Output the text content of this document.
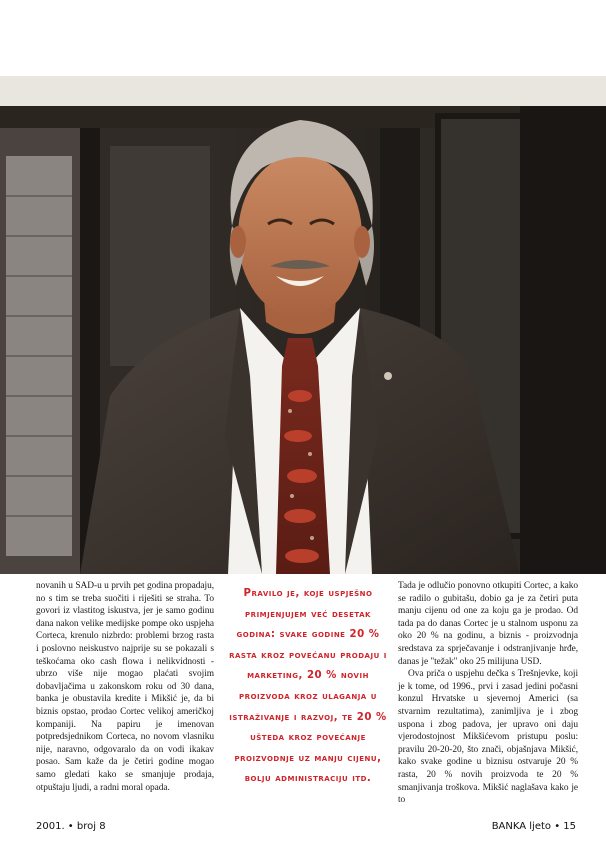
novanih u SAD-u u prvih pet godina propadaju, no s tim se treba suočiti i riješiti se straha. To govori iz vlastitog iskustva, jer je samo godinu dana nakon velike medijske pompe oko uspjeha Corteca, krenulo nizbrdo: problemi brzog rasta i poslovno neiskustvo najprije su se pokazali s teškoćama oko cash flowa i nelikvidnosti - ubrzo više nije mogao plaćati svojim dobavljačima u zakonskom roku od 30 dana, banka je obustavila kredite i Mikšić je, da bi biznis opstao, prodao Cortec velikoj američkoj kompaniji. Na papiru je imenovan potpredsjednikom Corteca, no novom vlasniku nije, naravno, odgovaralo da on vodi ikakav posao. Sam kaže da je četiri godine mogao samo gledati kako se smanjuje prodaja, otpuštaju ljudi, a radni moral opada.

Pravilo je, koje uspješno primjenjujem već desetak godina: svake godine 20 % rasta kroz povećanu prodaju i marketing, 20 % novih proizvoda kroz ulaganja u istraživanje i razvoj, te 20 % ušteda kroz povećanje proizvodnje uz manju cijenu, bolju administraciju itd.

Tada je odlučio ponovno otkupiti Cortec, a kako se radilo o gubitašu, dobio ga je za četiri puta manju cijenu od one za koju ga je prodao. Od tada pa do danas Cortec je u stalnom usponu za oko 20 % na godinu, a biznis - proizvodnja sredstava za sprječavanje i odstranjivanje hrđe, danas je "težak" oko 25 milijuna USD.

Ova priča o uspjehu dečka s Trešnjevke, koji je k tome, od 1996., prvi i zasad jedini počasni konzul Hrvatske u sjevernoj Americi (sa stvarnim rezultatima), zanimljiva je i zbog uspona i zbog padova, jer upravo oni daju vjerodostojnost Mikšićevom pristupu poslu: pravilu 20-20-20, što znači, objašnjava Mikšić, kako svake godine u biznisu ostvaruje 20 % rasta, 20 % novih proizvoda te 20 % smanjivanja troškova. Mikšić naglašava kako je to

2001. • broj 8	BANKA ljeto • 15
